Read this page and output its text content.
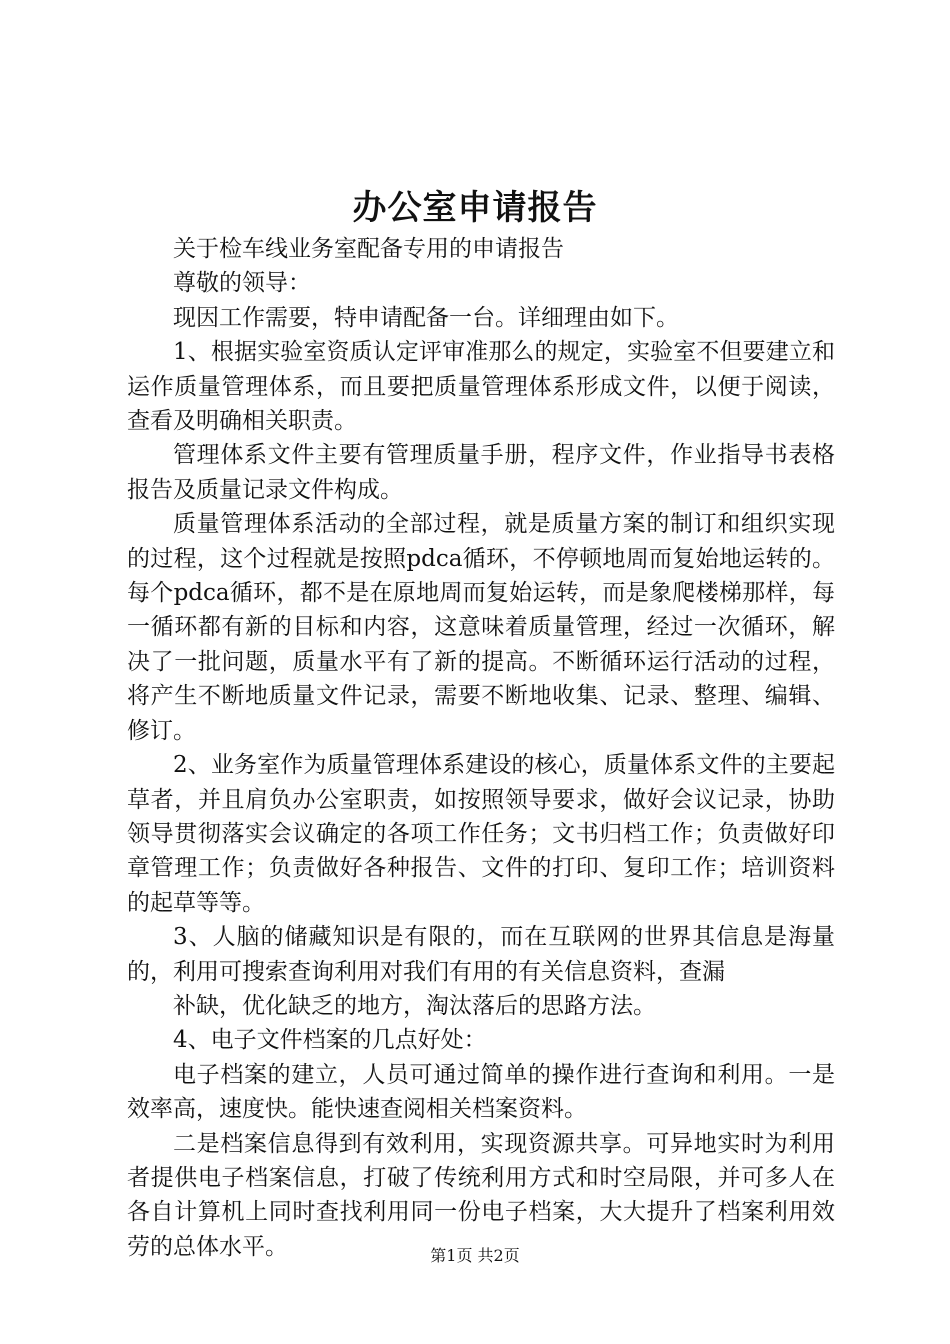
办公室申请报告

关于检车线业务室配备专用的申请报告

尊敬的领导：

现因工作需要，特申请配备一台。详细理由如下。

1、根据实验室资质认定评审准那么的规定，实验室不但要建立和运作质量管理体系，而且要把质量管理体系形成文件，以便于阅读，查看及明确相关职责。

管理体系文件主要有管理质量手册，程序文件，作业指导书表格报告及质量记录文件构成。

质量管理体系活动的全部过程，就是质量方案的制订和组织实现的过程，这个过程就是按照pdca循环，不停顿地周而复始地运转的。每个pdca循环，都不是在原地周而复始运转，而是象爬楼梯那样，每一循环都有新的目标和内容，这意味着质量管理，经过一次循环，解决了一批问题，质量水平有了新的提高。不断循环运行活动的过程，将产生不断地质量文件记录，需要不断地收集、记录、整理、编辑、修订。

2、业务室作为质量管理体系建设的核心，质量体系文件的主要起草者，并且肩负办公室职责，如按照领导要求，做好会议记录，协助领导贯彻落实会议确定的各项工作任务；文书归档工作；负责做好印章管理工作；负责做好各种报告、文件的打印、复印工作；培训资料的起草等等。

3、人脑的储藏知识是有限的，而在互联网的世界其信息是海量的，利用可搜索查询利用对我们有用的有关信息资料，查漏

补缺，优化缺乏的地方，淘汰落后的思路方法。

4、电子文件档案的几点好处：

电子档案的建立，人员可通过简单的操作进行查询和利用。一是效率高，速度快。能快速查阅相关档案资料。

二是档案信息得到有效利用，实现资源共享。可异地实时为利用者提供电子档案信息，打破了传统利用方式和时空局限，并可多人在各自计算机上同时查找利用同一份电子档案，大大提升了档案利用效劳的总体水平。	第1页 共2页
